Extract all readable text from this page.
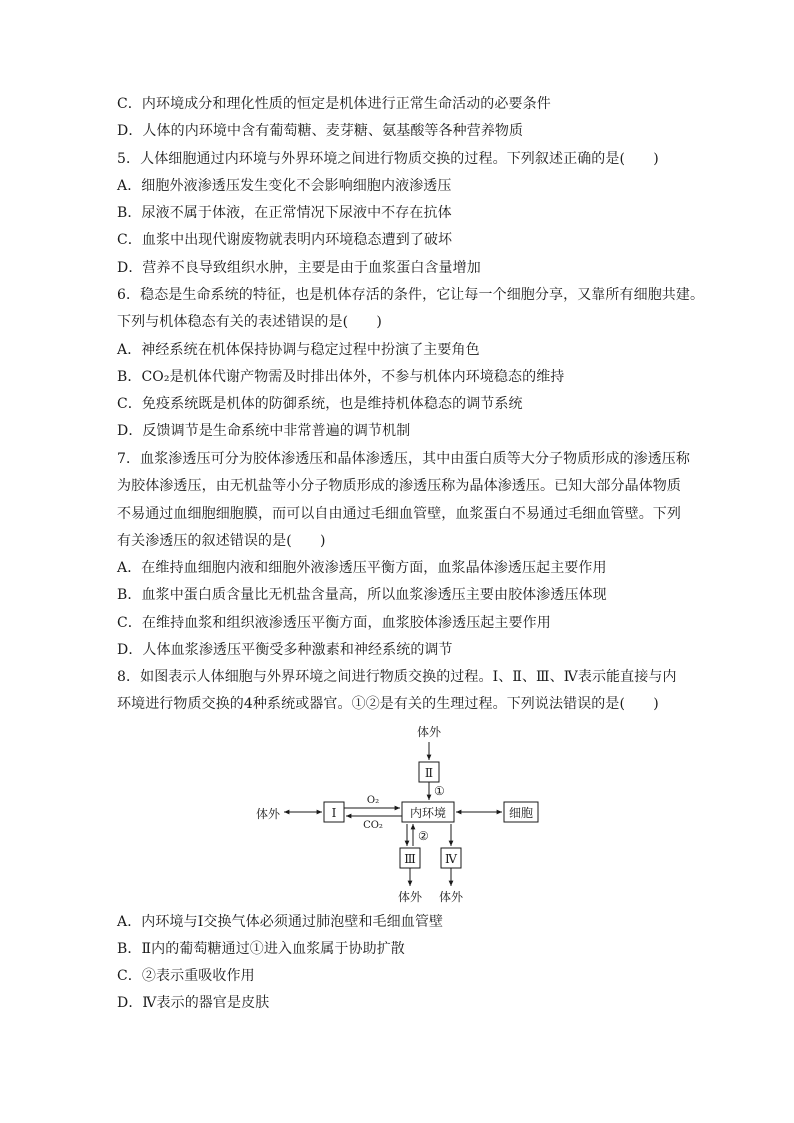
C．内环境成分和理化性质的恒定是机体进行正常生命活动的必要条件
D．人体的内环境中含有葡萄糖、麦芽糖、氨基酸等各种营养物质
5．人体细胞通过内环境与外界环境之间进行物质交换的过程。下列叙述正确的是(　　)
A．细胞外液渗透压发生变化不会影响细胞内液渗透压
B．尿液不属于体液，在正常情况下尿液中不存在抗体
C．血浆中出现代谢废物就表明内环境稳态遭到了破坏
D．营养不良导致组织水肿，主要是由于血浆蛋白含量增加
6．稳态是生命系统的特征，也是机体存活的条件，它让每一个细胞分享，又靠所有细胞共建。
下列与机体稳态有关的表述错误的是(　　)
A．神经系统在机体保持协调与稳定过程中扮演了主要角色
B．CO₂是机体代谢产物需及时排出体外，不参与机体内环境稳态的维持
C．免疫系统既是机体的防御系统，也是维持机体稳态的调节系统
D．反馈调节是生命系统中非常普遍的调节机制
7．血浆渗透压可分为胶体渗透压和晶体渗透压，其中由蛋白质等大分子物质形成的渗透压称
为胶体渗透压，由无机盐等小分子物质形成的渗透压称为晶体渗透压。已知大部分晶体物质
不易通过血细胞细胞膜，而可以自由通过毛细血管壁，血浆蛋白不易通过毛细血管壁。下列
有关渗透压的叙述错误的是(　　)
A．在维持血细胞内液和细胞外液渗透压平衡方面，血浆晶体渗透压起主要作用
B．血浆中蛋白质含量比无机盐含量高，所以血浆渗透压主要由胶体渗透压体现
C．在维持血浆和组织液渗透压平衡方面，血浆胶体渗透压起主要作用
D．人体血浆渗透压平衡受多种激素和神经系统的调节
8．如图表示人体细胞与外界环境之间进行物质交换的过程。Ⅰ、Ⅱ、Ⅲ、Ⅳ表示能直接与内
环境进行物质交换的4种系统或器官。①②是有关的生理过程。下列说法错误的是(　　)
体外
Ⅱ
①
体外	Ⅰ
O₂
CO₂
内环境	细胞
②
Ⅲ
体外
Ⅳ
体外
A．内环境与Ⅰ交换气体必须通过肺泡壁和毛细血管壁
B．Ⅱ内的葡萄糖通过①进入血浆属于协助扩散
C．②表示重吸收作用
D．Ⅳ表示的器官是皮肤
